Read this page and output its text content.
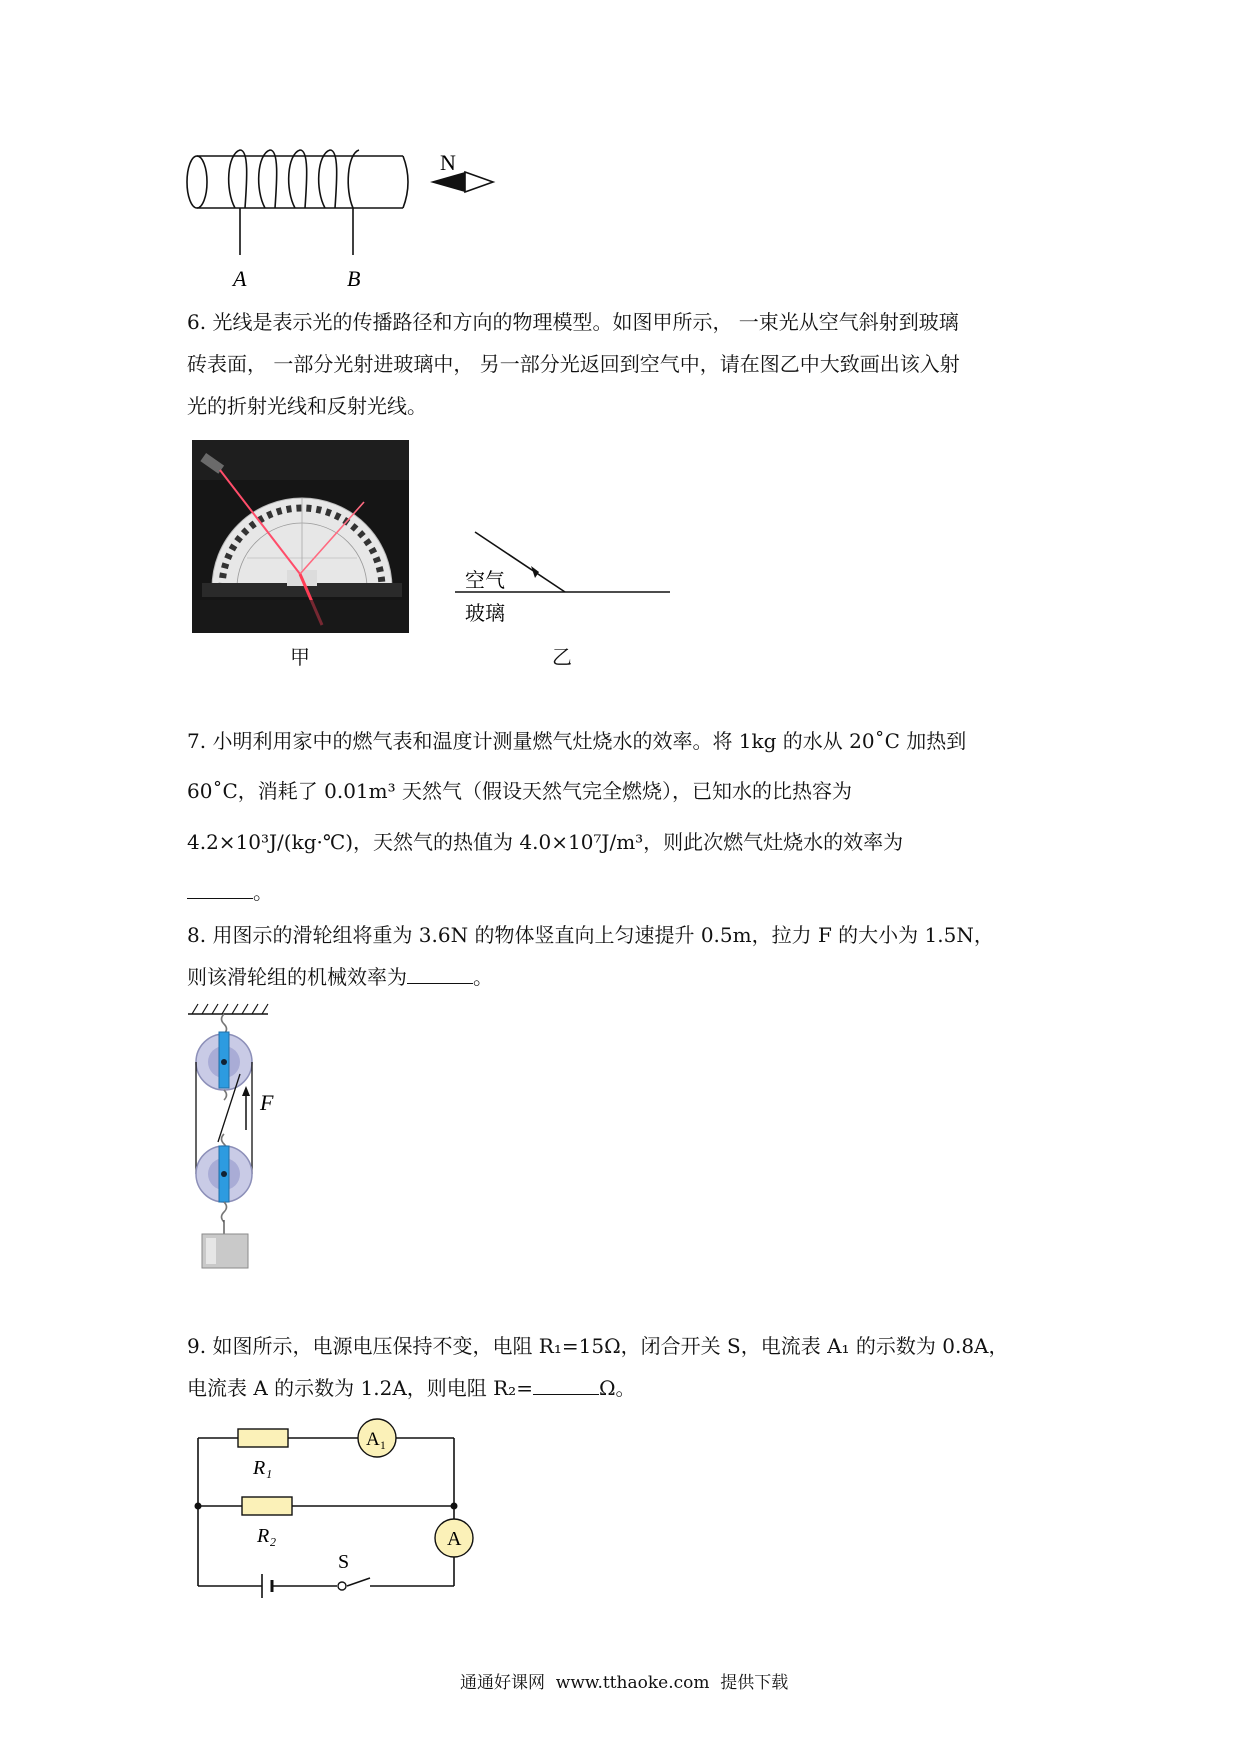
N
A	B
6. 光线是表示光的传播路径和方向的物理模型。如图甲所示， 一束光从空气斜射到玻璃
砖表面， 一部分光射进玻璃中， 另一部分光返回到空气中，请在图乙中大致画出该入射
光的折射光线和反射光线。
甲
空气
玻璃
乙
7. 小明利用家中的燃气表和温度计测量燃气灶烧水的效率。将 1kg 的水从 20˚C 加热到
60˚C，消耗了 0.01m³ 天然气（假设天然气完全燃烧），已知水的比热容为
4.2×10³J/(kg·℃)，天然气的热值为 4.0×10⁷J/m³，则此次燃气灶烧水的效率为
。
8. 用图示的滑轮组将重为 3.6N 的物体竖直向上匀速提升 0.5m，拉力 F 的大小为 1.5N，
则该滑轮组的机械效率为	。
F
9. 如图所示，电源电压保持不变，电阻 R₁=15Ω，闭合开关 S，电流表 A₁ 的示数为 0.8A，
电流表 A 的示数为 1.2A，则电阻 R₂=	Ω。
R₁
R₂
A₁
A
S
通通好课网  www.tthaoke.com  提供下载
